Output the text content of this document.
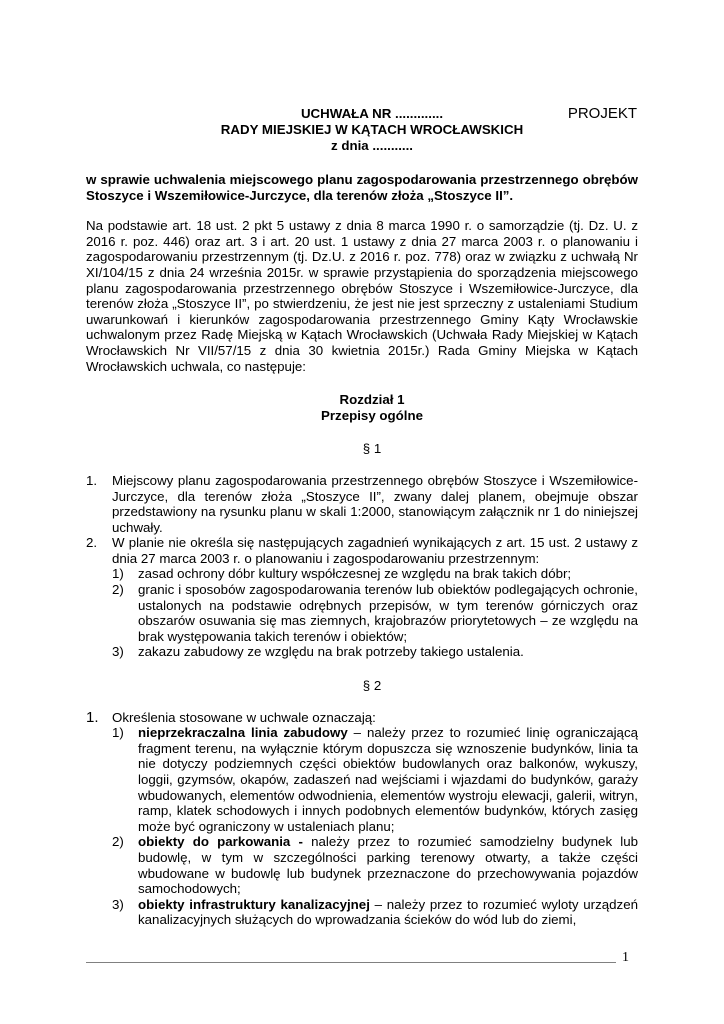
PROJEKT
UCHWAŁA NR .............
RADY MIEJSKIEJ W KĄTACH WROCŁAWSKICH
z dnia ...........
w sprawie uchwalenia miejscowego planu zagospodarowania przestrzennego obrębów Stoszyce i Wszemiłowice-Jurczyce, dla terenów złoża „Stoszyce II”.
Na podstawie art. 18 ust. 2 pkt 5 ustawy z dnia 8 marca 1990 r. o samorządzie (tj. Dz. U. z 2016 r. poz. 446) oraz art. 3 i art. 20 ust. 1 ustawy z dnia 27 marca 2003 r. o planowaniu i zagospodarowaniu przestrzennym (tj. Dz.U. z 2016 r. poz. 778) oraz w związku z uchwałą Nr XI/104/15 z dnia 24 września 2015r. w sprawie przystąpienia do sporządzenia miejscowego planu zagospodarowania przestrzennego obrębów Stoszyce i Wszemiłowice-Jurczyce, dla terenów złoża „Stoszyce II”, po stwierdzeniu, że jest nie jest sprzeczny z ustaleniami Studium uwarunkowań i kierunków zagospodarowania przestrzennego Gminy Kąty Wrocławskie uchwalonym przez Radę Miejską w Kątach Wrocławskich (Uchwała Rady Miejskiej w Kątach Wrocławskich Nr VII/57/15 z dnia 30 kwietnia 2015r.) Rada Gminy Miejska w Kątach Wrocławskich uchwala, co następuje:
Rozdział 1
Przepisy ogólne
§ 1
1. Miejscowy planu zagospodarowania przestrzennego obrębów Stoszyce i Wszemiłowice-Jurczyce, dla terenów złoża „Stoszyce II”, zwany dalej planem, obejmuje obszar przedstawiony na rysunku planu w skali 1:2000, stanowiącym załącznik nr 1 do niniejszej uchwały.
2. W planie nie określa się następujących zagadnień wynikających z art. 15 ust. 2 ustawy z dnia 27 marca 2003 r. o planowaniu i zagospodarowaniu przestrzennym:
1) zasad ochrony dóbr kultury współczesnej ze względu na brak takich dóbr;
2) granic i sposobów zagospodarowania terenów lub obiektów podlegających ochronie, ustalonych na podstawie odrębnych przepisów, w tym terenów górniczych oraz obszarów osuwania się mas ziemnych, krajobrazów priorytetowych – ze względu na brak występowania takich terenów i obiektów;
3) zakazu zabudowy ze względu na brak potrzeby takiego ustalenia.
§ 2
1. Określenia stosowane w uchwale oznaczają:
1) nieprzekraczalna linia zabudowy – należy przez to rozumieć linię ograniczającą fragment terenu, na wyłącznie którym dopuszcza się wznoszenie budynków, linia ta nie dotyczy podziemnych części obiektów budowlanych oraz balkonów, wykuszy, loggii, gzymsów, okapów, zadaszeń nad wejściami i wjazdami do budynków, garaży wbudowanych, elementów odwodnienia, elementów wystroju elewacji, galerii, witryn, ramp, klatek schodowych i innych podobnych elementów budynków, których zasięg może być ograniczony w ustaleniach planu;
2) obiekty do parkowania - należy przez to rozumieć samodzielny budynek lub budowlę, w tym w szczególności parking terenowy otwarty, a także części wbudowane w budowlę lub budynek przeznaczone do przechowywania pojazdów samochodowych;
3) obiekty infrastruktury kanalizacyjnej – należy przez to rozumieć wyloty urządzeń kanalizacyjnych służących do wprowadzania ścieków do wód lub do ziemi,
1
